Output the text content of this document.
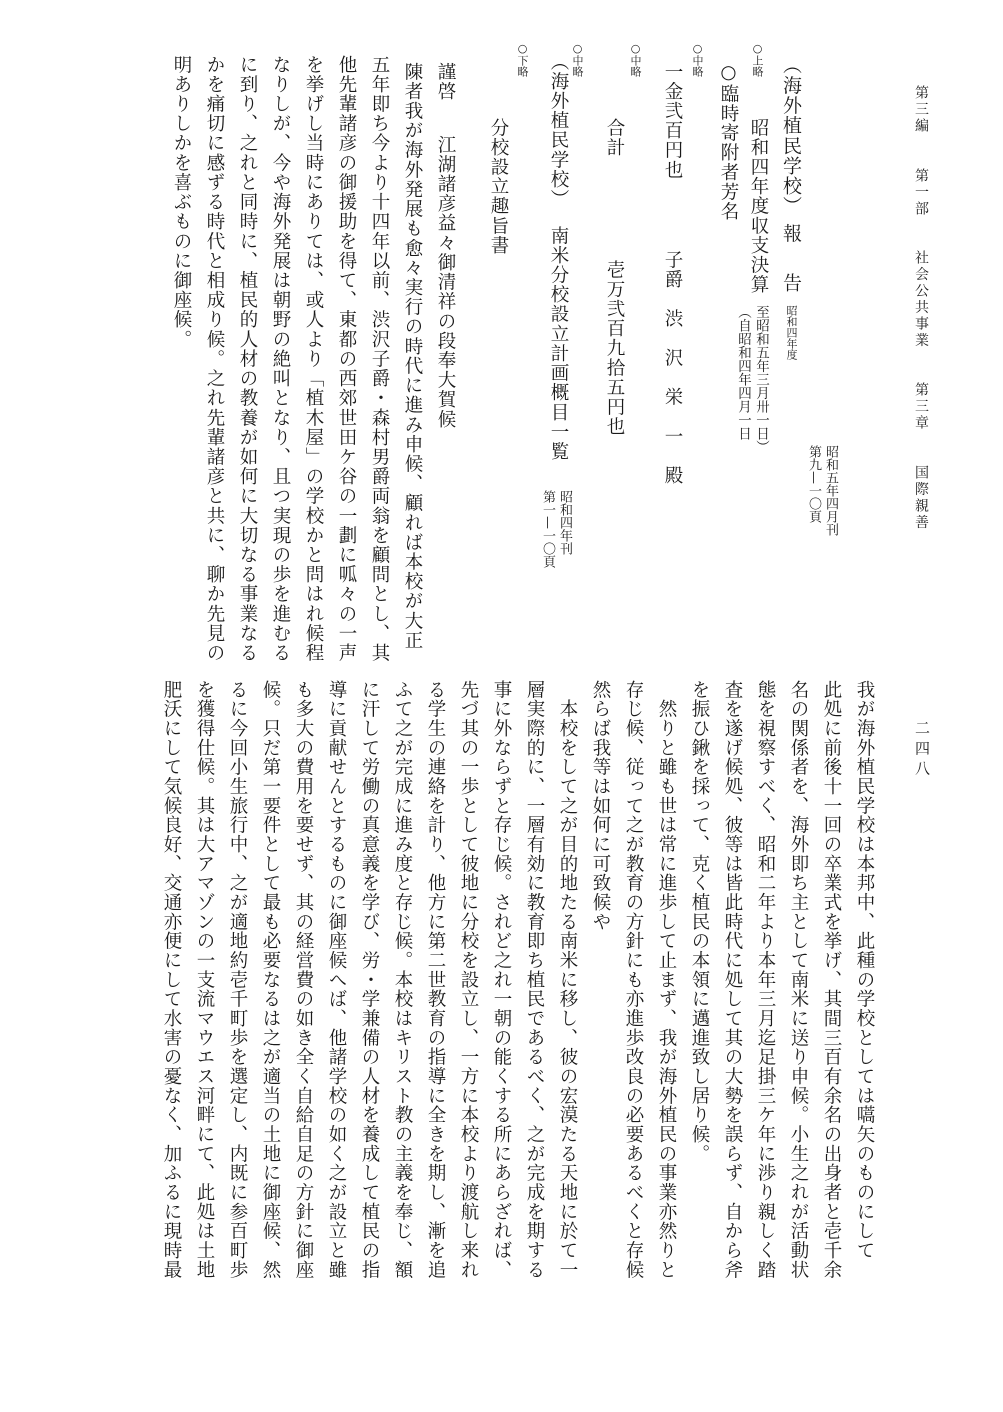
第三編 第一部 社会公共事業 第三章 国際親善
二四八
○上略 （海外植民学校） 報　告 昭和四年度
第九—一〇頁 昭和五年四月刊
昭和四年度収支決算
（自昭和四年四月一日 至昭和五年三月卅一日）
○中略
○臨時寄附者芳名
○中略
一金弐百円也
子爵　渋　沢　栄　一　殿
○中略
合計
壱万弐百九拾五円也
○下略 （海外植民学校） 南米分校設立計画概目一覧
第一—一〇頁 昭和四年刊
分校設立趣旨書
謹啓
江湖諸彦益々御清祥の段奉大賀候
陳者我が海外発展も愈々実行の時代に進み申候、顧れば本校が大正
五年即ち今より十四年以前、渋沢子爵・森村男爵両翁を顧問とし、其
他先輩諸彦の御援助を得て、東都の西郊世田ケ谷の一劃に呱々の一声
を挙げし当時にありては、或人より「植木屋」の学校かと問はれ候程
なりしが、今や海外発展は朝野の絶叫となり、且つ実現の歩を進むる
に到り、之れと同時に、植民的人材の教養が如何に大切なる事業なる
かを痛切に感ずる時代と相成り候。之れ先輩諸彦と共に、聊か先見の
明ありしかを喜ぶものに御座候。
我が海外植民学校は本邦中、此種の学校としては嚆矢のものにして
此処に前後十一回の卒業式を挙げ、其間三百有余名の出身者と壱千余
名の関係者を、海外即ち主として南米に送り申候。小生之れが活動状
態を視察すべく、昭和二年より本年三月迄足掛三ケ年に渉り親しく踏
査を遂げ候処、彼等は皆此時代に処して其の大勢を誤らず、自から斧
を振ひ鍬を採って、克く植民の本領に邁進致し居り候。
　然りと雖も世は常に進歩して止まず、我が海外植民の事業亦然りと
存じ候、従って之が教育の方針にも亦進歩改良の必要あるべくと存候
然らば我等は如何に可致候や
　本校をして之が目的地たる南米に移し、彼の宏漠たる天地に於て一
層実際的に、一層有効に教育即ち植民であるべく、之が完成を期する
事に外ならずと存じ候。されど之れ一朝の能くする所にあらざれば、
先づ其の一歩として彼地に分校を設立し、一方に本校より渡航し来れ
る学生の連絡を計り、他方に第二世教育の指導に全きを期し、漸を追
ふて之が完成に進み度と存じ候。本校はキリスト教の主義を奉じ、額
に汗して労働の真意義を学び、労・学兼備の人材を養成して植民の指
導に貢献せんとするものに御座候へば、他諸学校の如く之が設立と雖
も多大の費用を要せず、其の経営費の如き全く自給自足の方針に御座
候。只だ第一要件として最も必要なるは之が適当の土地に御座候、然
るに今回小生旅行中、之が適地約壱千町歩を選定し、内既に参百町歩
を獲得仕候。其は大アマゾンの一支流マウエス河畔にて、此処は土地
肥沃にして気候良好、交通亦便にして水害の憂なく、加ふるに現時最
